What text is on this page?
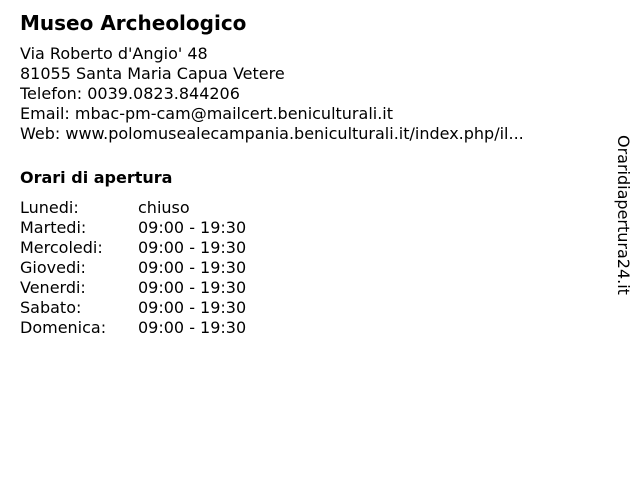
Museo Archeologico
Via Roberto d'Angio' 48
81055 Santa Maria Capua Vetere
Telefon: 0039.0823.844206
Email: mbac-pm-cam@mailcert.beniculturali.it
Web: www.polomusealecampania.beniculturali.it/index.php/il...
Orari di apertura
Lunedi:	chiuso
Martedi:	09:00 - 19:30
Mercoledi:	09:00 - 19:30
Giovedi:	09:00 - 19:30
Venerdi:	09:00 - 19:30
Sabato:	09:00 - 19:30
Domenica:	09:00 - 19:30
Oraridiapertura24.it
